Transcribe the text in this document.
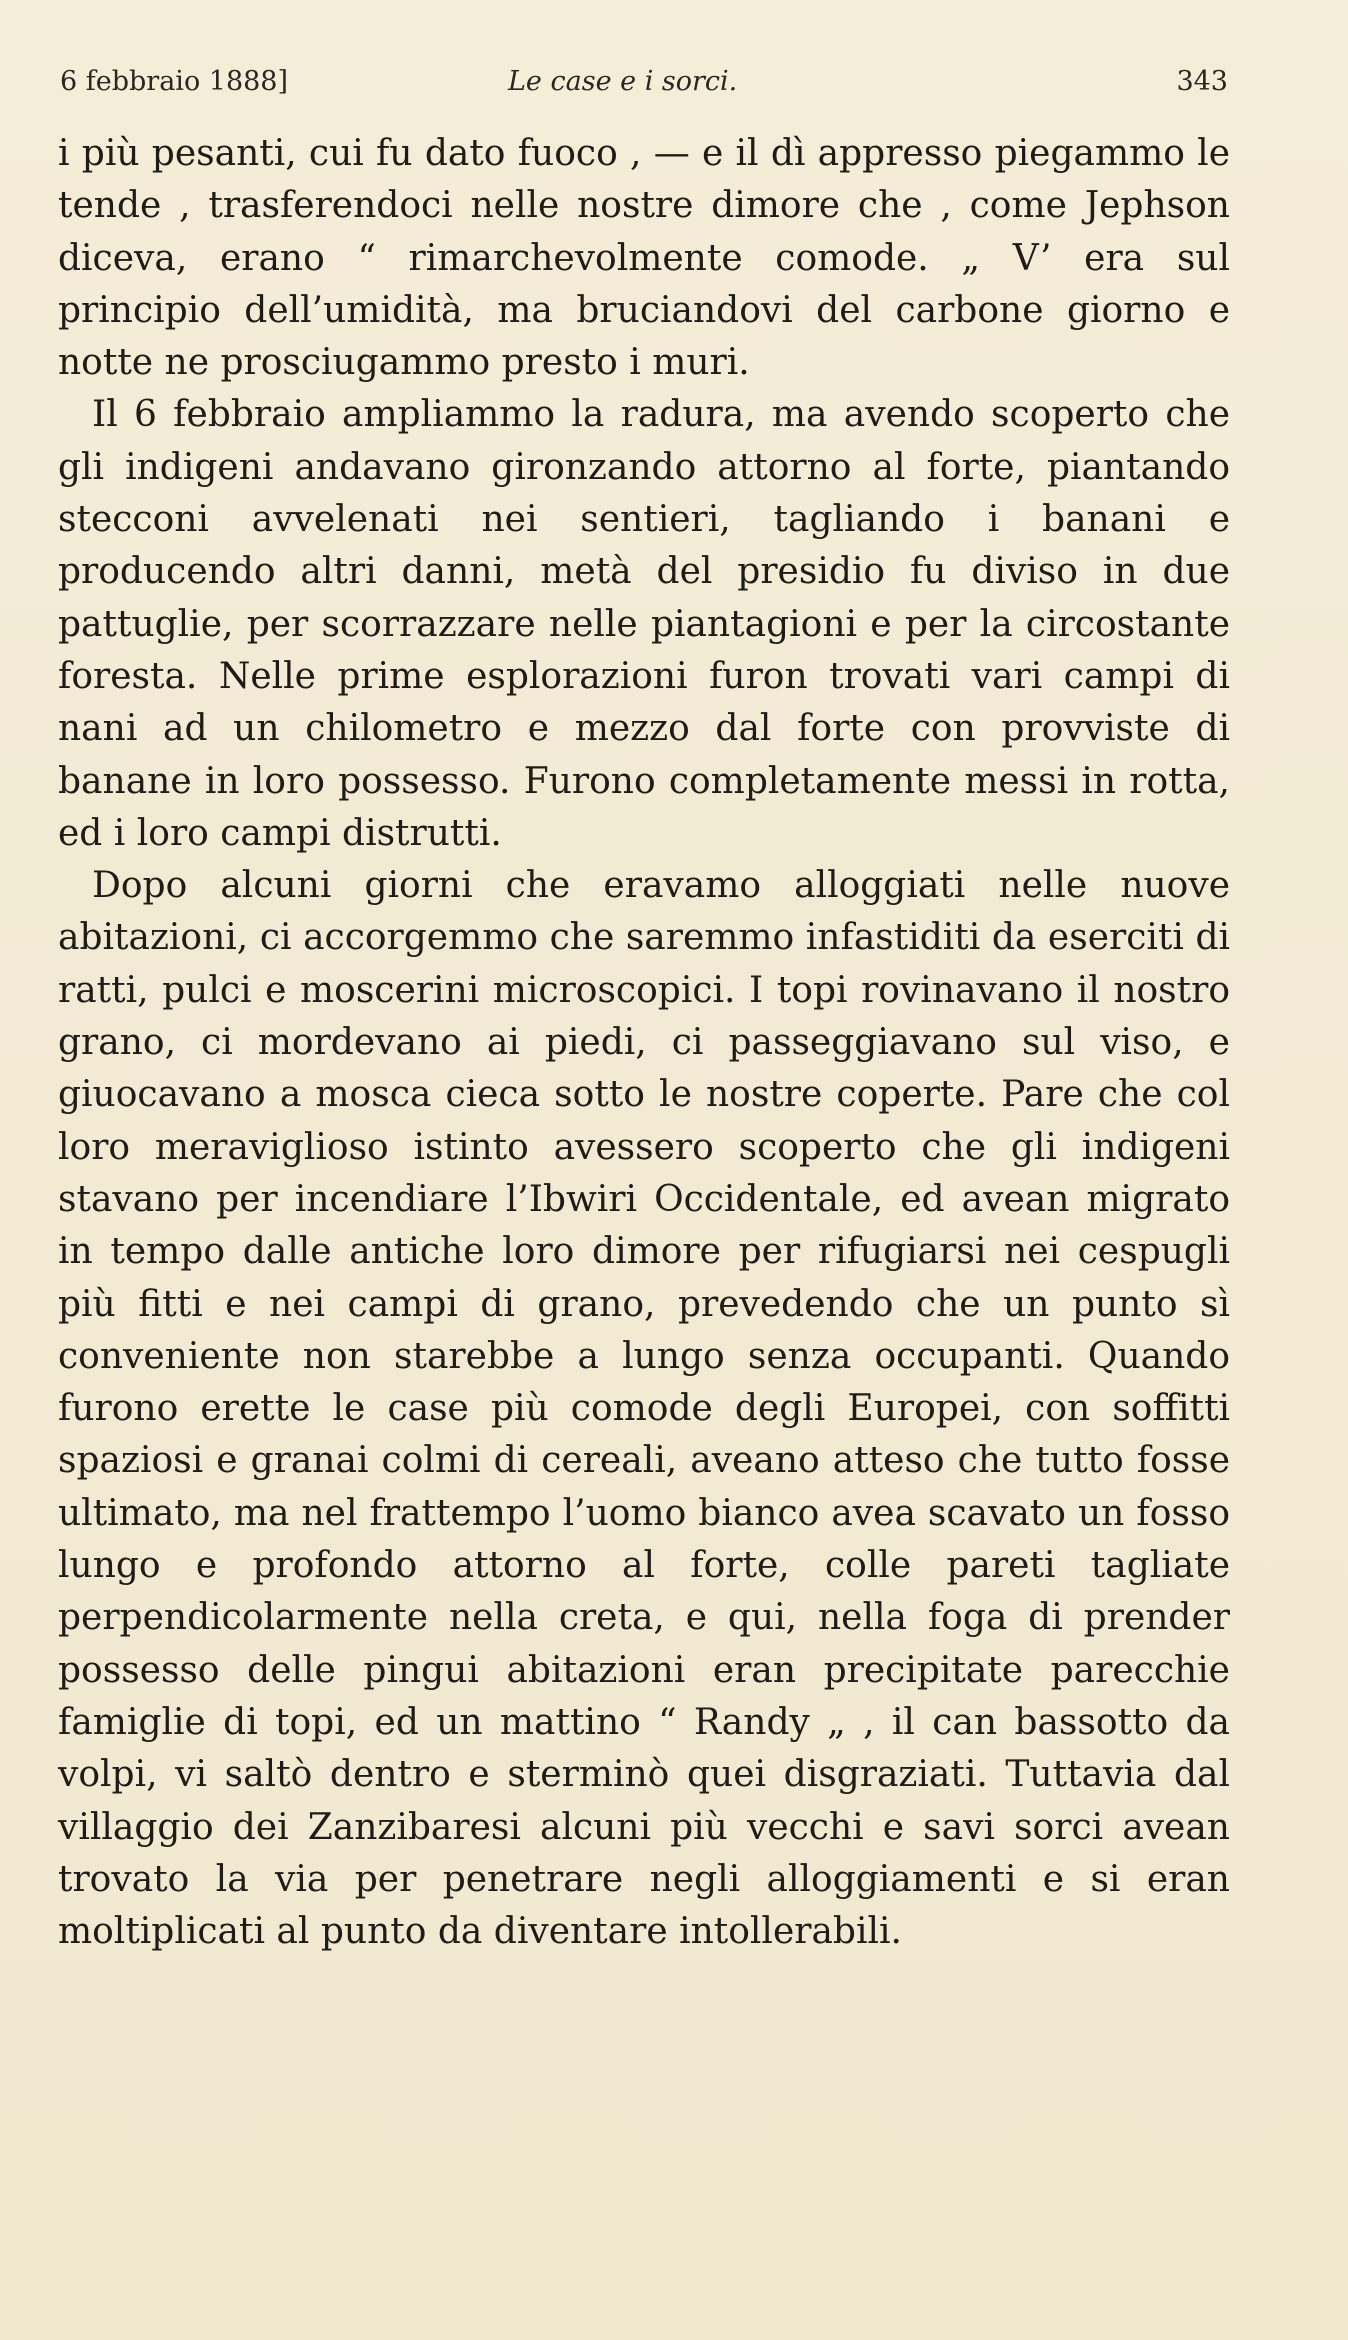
6 febbraio 1888]	Le case e i sorci.	343

i più pesanti, cui fu dato fuoco , — e il dì appresso piegammo le tende , trasferendoci nelle nostre dimore che , come Jephson diceva, erano “ rimarchevolmente comode. „ V’ era sul principio dell’umidità, ma bruciandovi del carbone giorno e notte ne prosciugammo presto i muri.

Il 6 febbraio ampliammo la radura, ma avendo scoperto che gli indigeni andavano gironzando attorno al forte, piantando stecconi avvelenati nei sentieri, tagliando i banani e producendo altri danni, metà del presidio fu diviso in due pattuglie, per scorrazzare nelle piantagioni e per la circostante foresta. Nelle prime esplorazioni furon trovati vari campi di nani ad un chilometro e mezzo dal forte con provviste di banane in loro possesso. Furono completamente messi in rotta, ed i loro campi distrutti.

Dopo alcuni giorni che eravamo alloggiati nelle nuove abitazioni, ci accorgemmo che saremmo infastiditi da eserciti di ratti, pulci e moscerini microscopici. I topi rovinavano il nostro grano, ci mordevano ai piedi, ci passeggiavano sul viso, e giuocavano a mosca cieca sotto le nostre coperte. Pare che col loro meraviglioso istinto avessero scoperto che gli indigeni stavano per incendiare l’Ibwiri Occidentale, ed avean migrato in tempo dalle antiche loro dimore per rifugiarsi nei cespugli più fitti e nei campi di grano, prevedendo che un punto sì conveniente non starebbe a lungo senza occupanti. Quando furono erette le case più comode degli Europei, con soffitti spaziosi e granai colmi di cereali, aveano atteso che tutto fosse ultimato, ma nel frattempo l’uomo bianco avea scavato un fosso lungo e profondo attorno al forte, colle pareti tagliate perpendicolarmente nella creta, e qui, nella foga di prender possesso delle pingui abitazioni eran precipitate parecchie famiglie di topi, ed un mattino “ Randy „ , il can bassotto da volpi, vi saltò dentro e sterminò quei disgraziati. Tuttavia dal villaggio dei Zanzibaresi alcuni più vecchi e savi sorci avean trovato la via per penetrare negli alloggiamenti e si eran moltiplicati al punto da diventare intollerabili.
